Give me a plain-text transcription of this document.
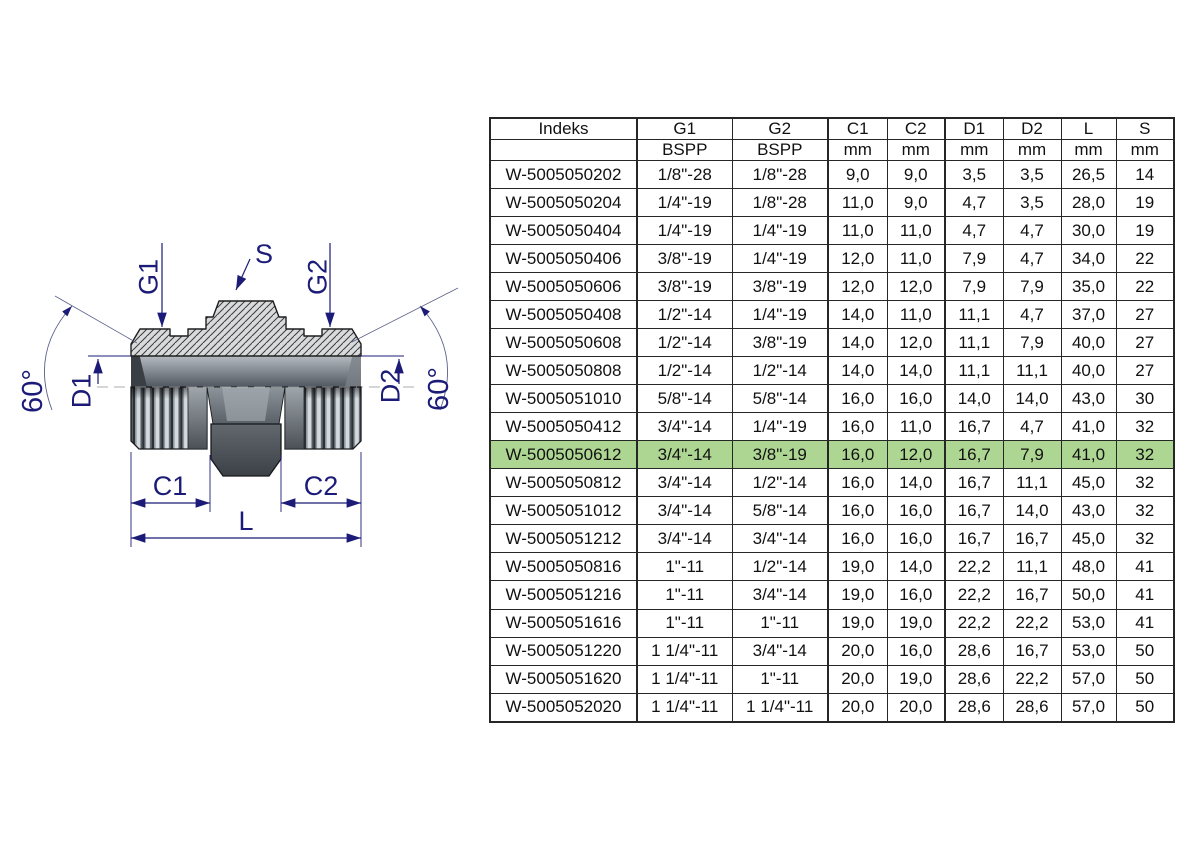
G1	G2
S
D1	D2
60°	60°
C1	C2
L
Indeks	G1	G2	C1	C2	D1	D2	L	S
	BSPP	BSPP	mm	mm	mm	mm	mm	mm
W-5005050202	1/8"-28	1/8"-28	9,0	9,0	3,5	3,5	26,5	14
W-5005050204	1/4"-19	1/8"-28	11,0	9,0	4,7	3,5	28,0	19
W-5005050404	1/4"-19	1/4"-19	11,0	11,0	4,7	4,7	30,0	19
W-5005050406	3/8"-19	1/4"-19	12,0	11,0	7,9	4,7	34,0	22
W-5005050606	3/8"-19	3/8"-19	12,0	12,0	7,9	7,9	35,0	22
W-5005050408	1/2"-14	1/4"-19	14,0	11,0	11,1	4,7	37,0	27
W-5005050608	1/2"-14	3/8"-19	14,0	12,0	11,1	7,9	40,0	27
W-5005050808	1/2"-14	1/2"-14	14,0	14,0	11,1	11,1	40,0	27
W-5005051010	5/8"-14	5/8"-14	16,0	16,0	14,0	14,0	43,0	30
W-5005050412	3/4"-14	1/4"-19	16,0	11,0	16,7	4,7	41,0	32
W-5005050612	3/4"-14	3/8"-19	16,0	12,0	16,7	7,9	41,0	32
W-5005050812	3/4"-14	1/2"-14	16,0	14,0	16,7	11,1	45,0	32
W-5005051012	3/4"-14	5/8"-14	16,0	16,0	16,7	14,0	43,0	32
W-5005051212	3/4"-14	3/4"-14	16,0	16,0	16,7	16,7	45,0	32
W-5005050816	1"-11	1/2"-14	19,0	14,0	22,2	11,1	48,0	41
W-5005051216	1"-11	3/4"-14	19,0	16,0	22,2	16,7	50,0	41
W-5005051616	1"-11	1"-11	19,0	19,0	22,2	22,2	53,0	41
W-5005051220	1 1/4"-11	3/4"-14	20,0	16,0	28,6	16,7	53,0	50
W-5005051620	1 1/4"-11	1"-11	20,0	19,0	28,6	22,2	57,0	50
W-5005052020	1 1/4"-11	1 1/4"-11	20,0	20,0	28,6	28,6	57,0	50
